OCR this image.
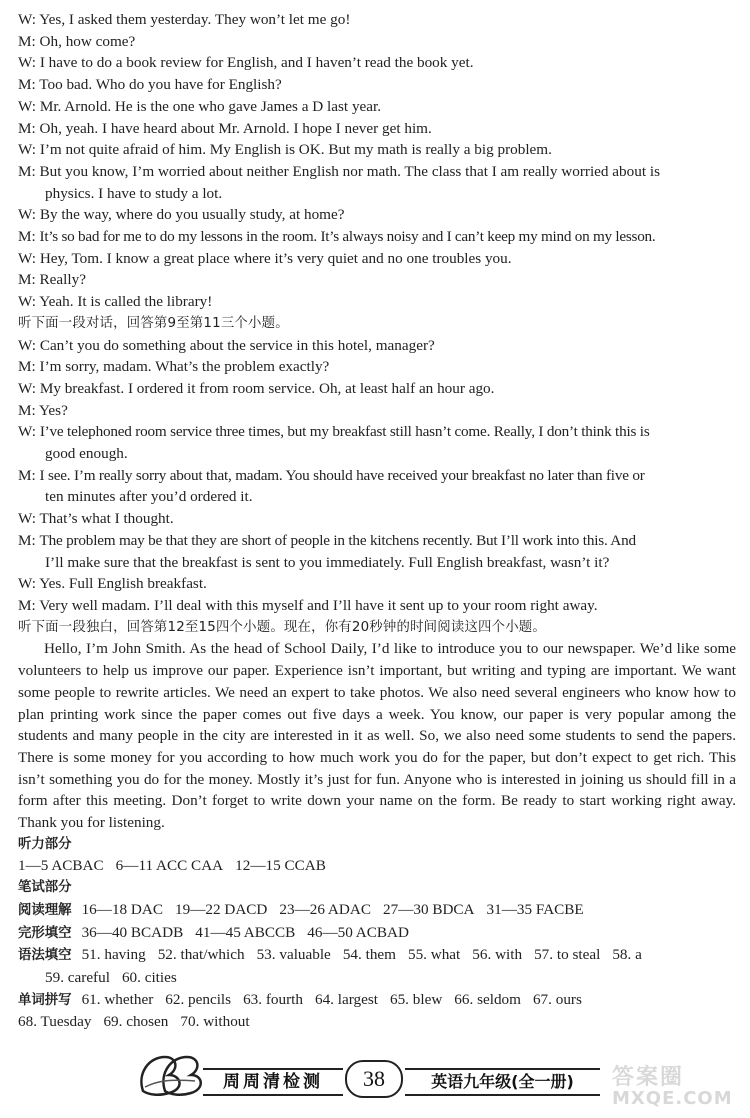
W: Yes, I asked them yesterday. They won’t let me go!
M: Oh, how come?
W: I have to do a book review for English, and I haven’t read the book yet.
M: Too bad. Who do you have for English?
W: Mr. Arnold. He is the one who gave James a D last year.
M: Oh, yeah. I have heard about Mr. Arnold. I hope I never get him.
W: I’m not quite afraid of him. My English is OK. But my math is really a big problem.
M: But you know, I’m worried about neither English nor math. The class that I am really worried about is
physics. I have to study a lot.
W: By the way, where do you usually study, at home?
M: It’s so bad for me to do my lessons in the room. It’s always noisy and I can’t keep my mind on my lesson.
W: Hey, Tom. I know a great place where it’s very quiet and no one troubles you.
M: Really?
W: Yeah. It is called the library!
听下面一段对话，回答第9至第11三个小题。
W: Can’t you do something about the service in this hotel, manager?
M: I’m sorry, madam. What’s the problem exactly?
W: My breakfast. I ordered it from room service. Oh, at least half an hour ago.
M: Yes?
W: I’ve telephoned room service three times, but my breakfast still hasn’t come. Really, I don’t think this is
good enough.
M: I see. I’m really sorry about that, madam. You should have received your breakfast no later than five or
ten minutes after you’d ordered it.
W: That’s what I thought.
M: The problem may be that they are short of people in the kitchens recently. But I’ll work into this. And
I’ll make sure that the breakfast is sent to you immediately. Full English breakfast, wasn’t it?
W: Yes. Full English breakfast.
M: Very well madam. I’ll deal with this myself and I’ll have it sent up to your room right away.
听下面一段独白，回答第12至15四个小题。现在，你有20秒钟的时间阅读这四个小题。
Hello, I’m John Smith. As the head of School Daily, I’d like to introduce you to our newspaper. We’d like some volunteers to help us improve our paper. Experience isn’t important, but writing and typing are important. We want some people to rewrite articles. We need an expert to take photos. We also need several engineers who know how to plan printing work since the paper comes out five days a week. You know, our paper is very popular among the students and many people in the city are interested in it as well. So, we also need some students to send the papers. There is some money for you according to how much work you do for the paper, but don’t expect to get rich. This isn’t something you do for the money. Mostly it’s just for fun. Anyone who is interested in joining us should fill in a form after this meeting. Don’t forget to write down your name on the form. Be ready to start working right away. Thank you for listening.
听力部分
1—5 ACBAC 6—11 ACC CAA 12—15 CCAB
笔试部分
阅读理解 16—18 DAC 19—22 DACD 23—26 ADAC 27—30 BDCA 31—35 FACBE
完形填空 36—40 BCADB 41—45 ABCCB 46—50 ACBAD
语法填空 51. having 52. that/which 53. valuable 54. them 55. what 56. with 57. to steal 58. a
59. careful 60. cities
单词拼写 61. whether 62. pencils 63. fourth 64. largest 65. blew 66. seldom 67. ours
68. Tuesday 69. chosen 70. without
周周清检测	38	英语九年级(全一册)	答案圈
MXQE.COM
